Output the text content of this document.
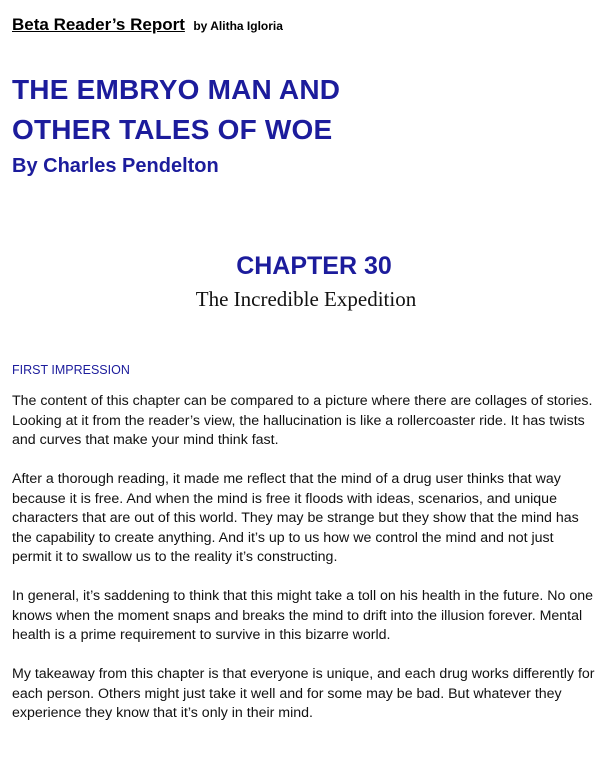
Beta Reader’s Report by Alitha Igloria
THE EMBRYO MAN AND
OTHER TALES OF WOE
By Charles Pendelton
CHAPTER 30
The Incredible Expedition
FIRST IMPRESSION

The content of this chapter can be compared to a picture where there are collages of stories. Looking at it from the reader’s view, the hallucination is like a rollercoaster ride. It has twists and curves that make your mind think fast.

After a thorough reading, it made me reflect that the mind of a drug user thinks that way because it is free. And when the mind is free it floods with ideas, scenarios, and unique characters that are out of this world. They may be strange but they show that the mind has the capability to create anything. And it’s up to us how we control the mind and not just permit it to swallow us to the reality it’s constructing.

In general, it’s saddening to think that this might take a toll on his health in the future. No one knows when the moment snaps and breaks the mind to drift into the illusion forever. Mental health is a prime requirement to survive in this bizarre world.

My takeaway from this chapter is that everyone is unique, and each drug works differently for each person. Others might just take it well and for some may be bad. But whatever they experience they know that it’s only in their mind.
